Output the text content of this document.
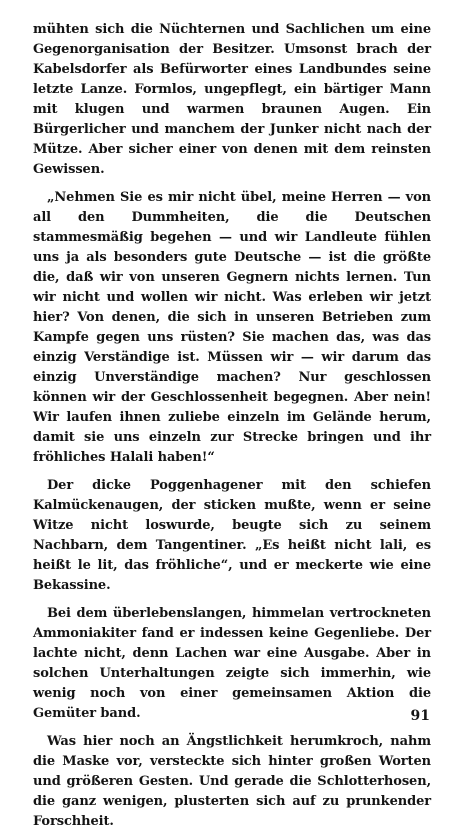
mühten sich die Nüchternen und Sachlichen um eine Gegenorganisation der Besitzer. Umsonst brach der Kabelsdorfer als Befürworter eines Landbundes seine letzte Lanze. Formlos, ungepflegt, ein bärtiger Mann mit klugen und warmen braunen Augen. Ein Bürgerlicher und manchem der Junker nicht nach der Mütze. Aber sicher einer von denen mit dem reinsten Gewissen.

„Nehmen Sie es mir nicht übel, meine Herren — von all den Dummheiten, die die Deutschen stammesmäßig begehen — und wir Landleute fühlen uns ja als besonders gute Deutsche — ist die größte die, daß wir von unseren Gegnern nichts lernen. Tun wir nicht und wollen wir nicht. Was erleben wir jetzt hier? Von denen, die sich in unseren Betrieben zum Kampfe gegen uns rüsten? Sie machen das, was das einzig Verständige ist. Müssen wir — wir darum das einzig Unverständige machen? Nur geschlossen können wir der Geschlossenheit begegnen. Aber nein! Wir laufen ihnen zuliebe einzeln im Gelände herum, damit sie uns einzeln zur Strecke bringen und ihr fröhliches Halali haben!“

Der dicke Poggenhagener mit den schiefen Kalmückenaugen, der sticken mußte, wenn er seine Witze nicht loswurde, beugte sich zu seinem Nachbarn, dem Tangentiner. „Es heißt nicht lali, es heißt le lit, das fröhliche“, und er meckerte wie eine Bekassine.

Bei dem überlebenslangen, himmelan vertrockneten Ammoniakiter fand er indessen keine Gegenliebe. Der lachte nicht, denn Lachen war eine Ausgabe. Aber in solchen Unterhaltungen zeigte sich immerhin, wie wenig noch von einer gemeinsamen Aktion die Gemüter band.

Was hier noch an Ängstlichkeit herumkroch, nahm die Maske vor, versteckte sich hinter großen Worten und größeren Gesten. Und gerade die Schlotterhosen, die ganz wenigen, plusterten sich auf zu prunkender Forschheit.

91
